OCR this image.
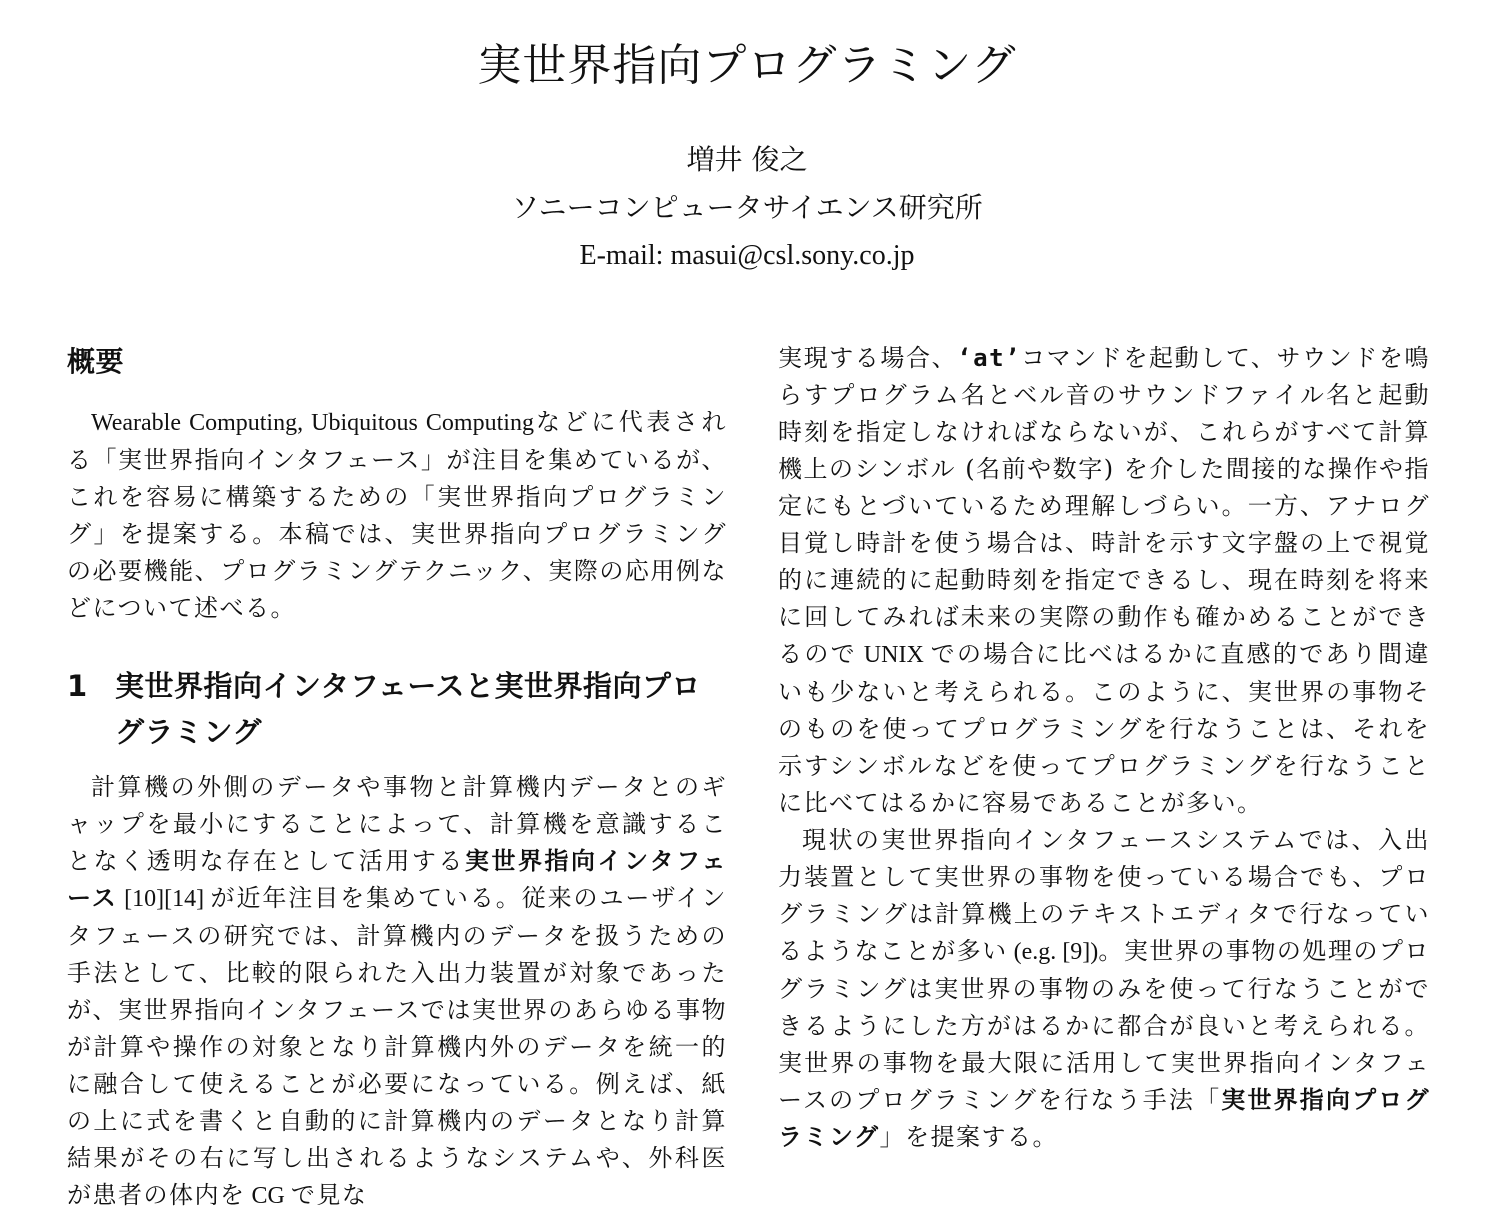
実世界指向プログラミング
増井 俊之
ソニーコンピュータサイエンス研究所
E-mail: masui@csl.sony.co.jp
概要

Wearable Computing, Ubiquitous Computingなどに代表される「実世界指向インタフェース」が注目を集めているが、これを容易に構築するための「実世界指向プログラミング」を提案する。本稿では、実世界指向プログラミングの必要機能、プログラミングテクニック、実際の応用例などについて述べる。

1 実世界指向インタフェースと実世界指向プログラミング

計算機の外側のデータや事物と計算機内データとのギャップを最小にすることによって、計算機を意識することなく透明な存在として活用する実世界指向インタフェース [10][14] が近年注目を集めている。従来のユーザインタフェースの研究では、計算機内のデータを扱うための手法として、比較的限られた入出力装置が対象であったが、実世界指向インタフェースでは実世界のあらゆる事物が計算や操作の対象となり計算機内外のデータを統一的に融合して使えることが必要になっている。例えば、紙の上に式を書くと自動的に計算機内のデータとなり計算結果がその右に写し出されるようなシステムや、外科医が患者の体内を CG で見な

実現する場合、‘at’コマンドを起動して、サウンドを鳴らすプログラム名とベル音のサウンドファイル名と起動時刻を指定しなければならないが、これらがすべて計算機上のシンボル (名前や数字) を介した間接的な操作や指定にもとづいているため理解しづらい。一方、アナログ目覚し時計を使う場合は、時計を示す文字盤の上で視覚的に連続的に起動時刻を指定できるし、現在時刻を将来に回してみれば未来の実際の動作も確かめることができるので UNIX での場合に比べはるかに直感的であり間違いも少ないと考えられる。このように、実世界の事物そのものを使ってプログラミングを行なうことは、それを示すシンボルなどを使ってプログラミングを行なうことに比べてはるかに容易であることが多い。

現状の実世界指向インタフェースシステムでは、入出力装置として実世界の事物を使っている場合でも、プログラミングは計算機上のテキストエディタで行なっているようなことが多い (e.g. [9])。実世界の事物の処理のプログラミングは実世界の事物のみを使って行なうことができるようにした方がはるかに都合が良いと考えられる。実世界の事物を最大限に活用して実世界指向インタフェースのプログラミングを行なう手法「実世界指向プログラミング」を提案する。
